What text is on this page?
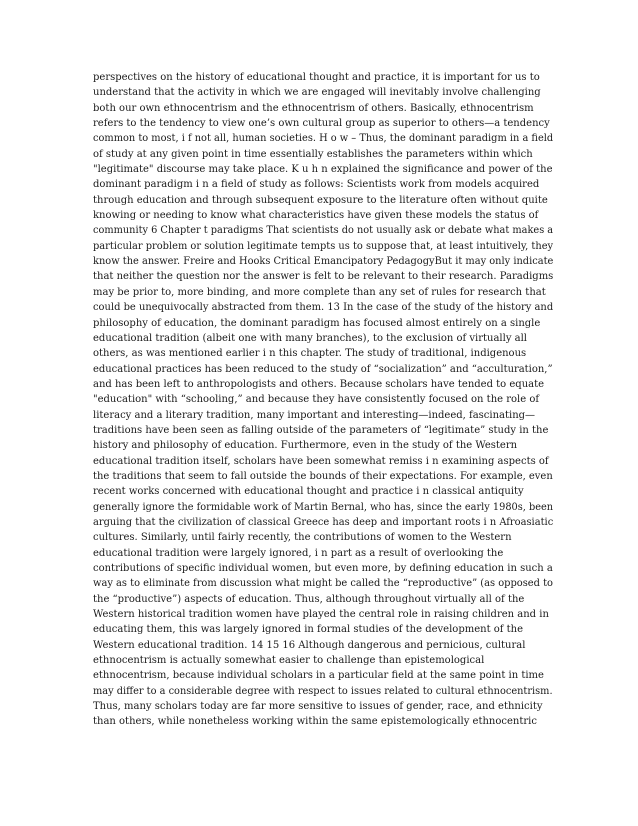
perspectives on the history of educational thought and practice, it is important for us to
understand that the activity in which we are engaged will inevitably involve challenging
both our own ethnocentrism and the ethnocentrism of others. Basically, ethnocentrism
refers to the tendency to view one’s own cultural group as superior to others—a tendency
common to most, i f not all, human societies. H o w – Thus, the dominant paradigm in a field
of study at any given point in time essentially establishes the parameters within which
"legitimate" discourse may take place. K u h n explained the significance and power of the
dominant paradigm i n a field of study as follows: Scientists work from models acquired
through education and through subsequent exposure to the literature often without quite
knowing or needing to know what characteristics have given these models the status of
community 6 Chapter t paradigms That scientists do not usually ask or debate what makes a
particular problem or solution legitimate tempts us to suppose that, at least intuitively, they
know the answer. Freire and Hooks Critical Emancipatory PedagogyBut it may only indicate
that neither the question nor the answer is felt to be relevant to their research. Paradigms
may be prior to, more binding, and more complete than any set of rules for research that
could be unequivocally abstracted from them. 13 In the case of the study of the history and
philosophy of education, the dominant paradigm has focused almost entirely on a single
educational tradition (albeit one with many branches), to the exclusion of virtually all
others, as was mentioned earlier i n this chapter. The study of traditional, indigenous
educational practices has been reduced to the study of “socialization” and “acculturation,”
and has been left to anthropologists and others. Because scholars have tended to equate
"education" with “schooling,” and because they have consistently focused on the role of
literacy and a literary tradition, many important and interesting—indeed, fascinating—
traditions have been seen as falling outside of the parameters of “legitimate” study in the
history and philosophy of education. Furthermore, even in the study of the Western
educational tradition itself, scholars have been somewhat remiss i n examining aspects of
the traditions that seem to fall outside the bounds of their expectations. For example, even
recent works concerned with educational thought and practice i n classical antiquity
generally ignore the formidable work of Martin Bernal, who has, since the early 1980s, been
arguing that the civilization of classical Greece has deep and important roots i n Afroasiatic
cultures. Similarly, until fairly recently, the contributions of women to the Western
educational tradition were largely ignored, i n part as a result of overlooking the
contributions of specific individual women, but even more, by defining education in such a
way as to eliminate from discussion what might be called the “reproductive” (as opposed to
the “productive”) aspects of education. Thus, although throughout virtually all of the
Western historical tradition women have played the central role in raising children and in
educating them, this was largely ignored in formal studies of the development of the
Western educational tradition. 14 15 16 Although dangerous and pernicious, cultural
ethnocentrism is actually somewhat easier to challenge than epistemological
ethnocentrism, because individual scholars in a particular field at the same point in time
may differ to a considerable degree with respect to issues related to cultural ethnocentrism.
Thus, many scholars today are far more sensitive to issues of gender, race, and ethnicity
than others, while nonetheless working within the same epistemologically ethnocentric
